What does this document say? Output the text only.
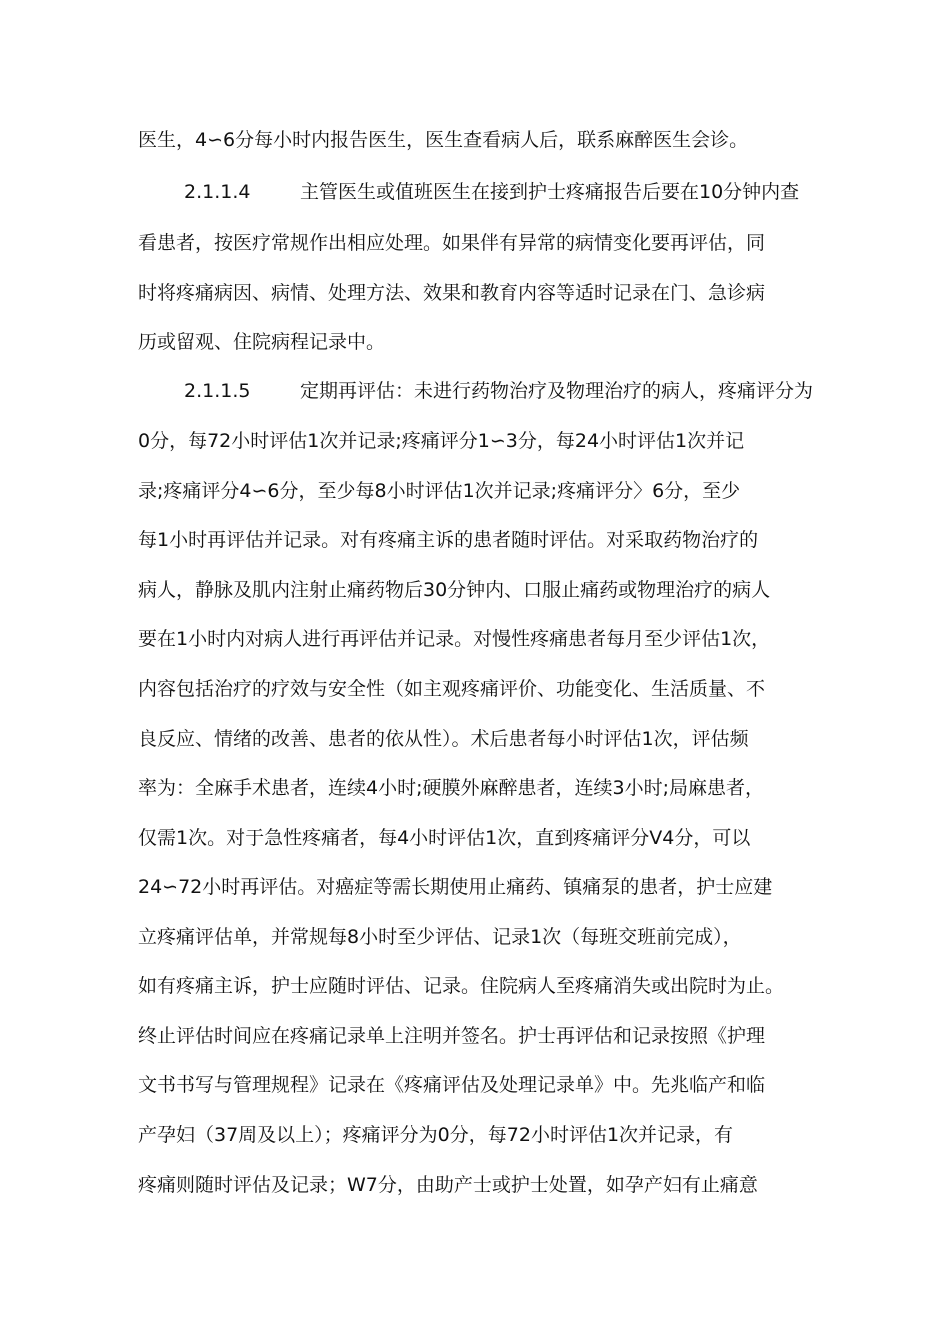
医生，4∽6分每小时内报告医生，医生查看病人后，联系麻醉医生会诊。
2.1.1.4	主管医生或值班医生在接到护士疼痛报告后要在10分钟内查
看患者，按医疗常规作出相应处理。如果伴有异常的病情变化要再评估，同
时将疼痛病因、病情、处理方法、效果和教育内容等适时记录在门、急诊病
历或留观、住院病程记录中。
2.1.1.5	定期再评估：未进行药物治疗及物理治疗的病人，疼痛评分为
0分，每72小时评估1次并记录;疼痛评分1∽3分，每24小时评估1次并记
录;疼痛评分4∽6分，至少每8小时评估1次并记录;疼痛评分〉6分，至少
每1小时再评估并记录。对有疼痛主诉的患者随时评估。对采取药物治疗的
病人，静脉及肌内注射止痛药物后30分钟内、口服止痛药或物理治疗的病人
要在1小时内对病人进行再评估并记录。对慢性疼痛患者每月至少评估1次，
内容包括治疗的疗效与安全性（如主观疼痛评价、功能变化、生活质量、不
良反应、情绪的改善、患者的依从性）。术后患者每小时评估1次，评估频
率为：全麻手术患者，连续4小时;硬膜外麻醉患者，连续3小时;局麻患者，
仅需1次。对于急性疼痛者，每4小时评估1次，直到疼痛评分V4分，可以
24∽72小时再评估。对癌症等需长期使用止痛药、镇痛泵的患者，护士应建
立疼痛评估单，并常规每8小时至少评估、记录1次（每班交班前完成），
如有疼痛主诉，护士应随时评估、记录。住院病人至疼痛消失或出院时为止。
终止评估时间应在疼痛记录单上注明并签名。护士再评估和记录按照《护理
文书书写与管理规程》记录在《疼痛评估及处理记录单》中。先兆临产和临
产孕妇（37周及以上）；疼痛评分为0分，每72小时评估1次并记录，有
疼痛则随时评估及记录；W7分，由助产士或护士处置，如孕产妇有止痛意
